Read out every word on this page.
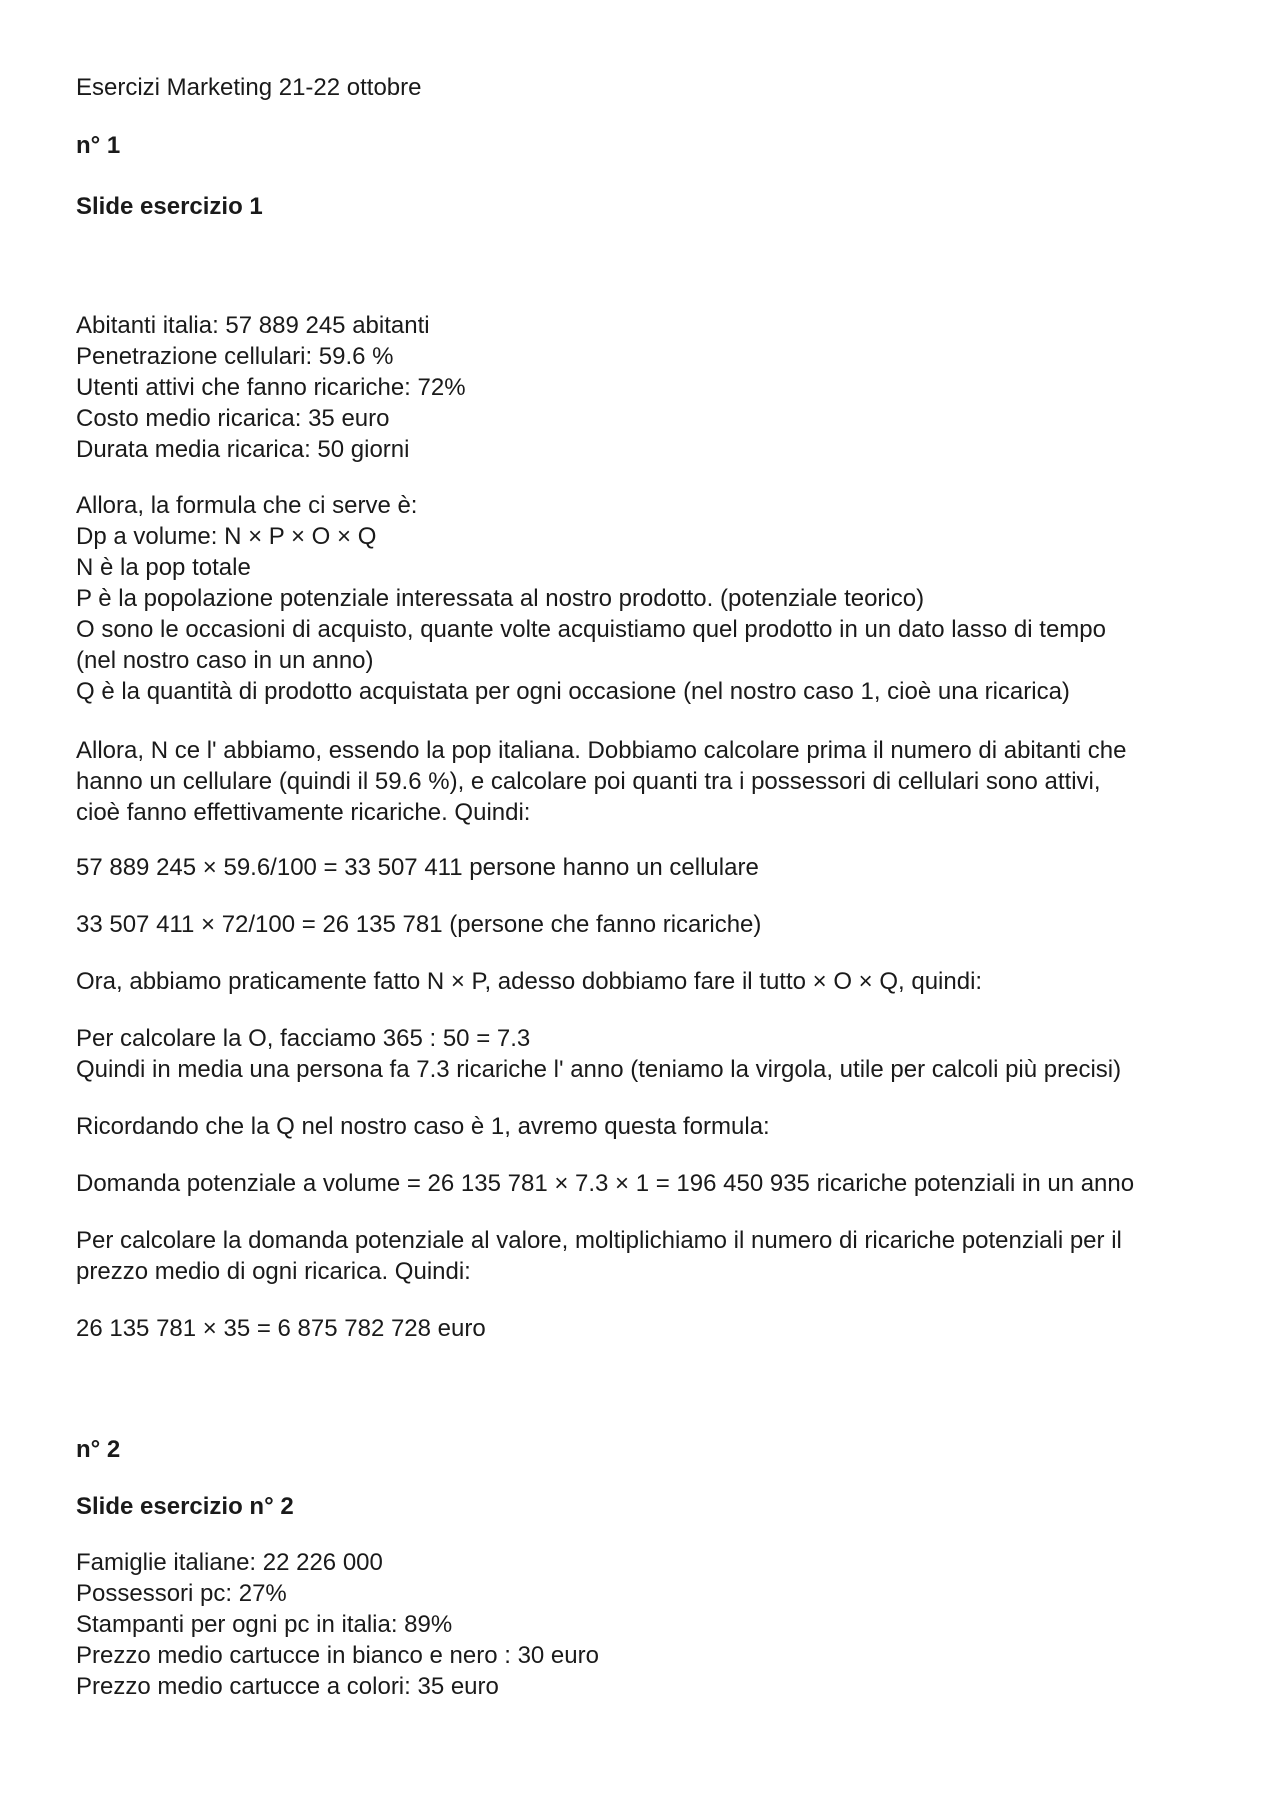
Esercizi Marketing 21-22 ottobre
n° 1
Slide esercizio 1
Abitanti italia: 57 889 245 abitanti
Penetrazione cellulari: 59.6 %
Utenti attivi che fanno ricariche: 72%
Costo medio ricarica: 35 euro
Durata media ricarica: 50 giorni
Allora, la formula che ci serve è:
Dp a volume: N × P × O × Q
N è la pop totale
P è la popolazione potenziale interessata al nostro prodotto. (potenziale teorico)
O sono le occasioni di acquisto, quante volte acquistiamo quel prodotto in un dato lasso di tempo
(nel nostro caso in un anno)
Q è la quantità di prodotto acquistata per ogni occasione (nel nostro caso 1, cioè una ricarica)
Allora, N ce l' abbiamo, essendo la pop italiana. Dobbiamo calcolare prima il numero di abitanti che
hanno un cellulare (quindi il 59.6 %), e calcolare poi quanti tra i possessori di cellulari sono attivi,
cioè fanno effettivamente ricariche. Quindi:
57 889 245 × 59.6/100 = 33 507 411 persone hanno un cellulare
33 507 411 × 72/100 = 26 135 781 (persone che fanno ricariche)
Ora, abbiamo praticamente fatto N × P, adesso dobbiamo fare il tutto × O × Q, quindi:
Per calcolare la O, facciamo 365 : 50 = 7.3
Quindi in media una persona fa 7.3 ricariche l' anno (teniamo la virgola, utile per calcoli più precisi)
Ricordando che la Q nel nostro caso è 1, avremo questa formula:
Domanda potenziale a volume = 26 135 781 × 7.3 × 1 = 196 450 935 ricariche potenziali in un anno
Per calcolare la domanda potenziale al valore, moltiplichiamo il numero di ricariche potenziali per il
prezzo medio di ogni ricarica. Quindi:
26 135 781 × 35 = 6 875 782 728 euro
n° 2
Slide esercizio n° 2
Famiglie italiane: 22 226 000
Possessori pc: 27%
Stampanti per ogni pc in italia: 89%
Prezzo medio cartucce in bianco e nero : 30 euro
Prezzo medio cartucce a colori: 35 euro
